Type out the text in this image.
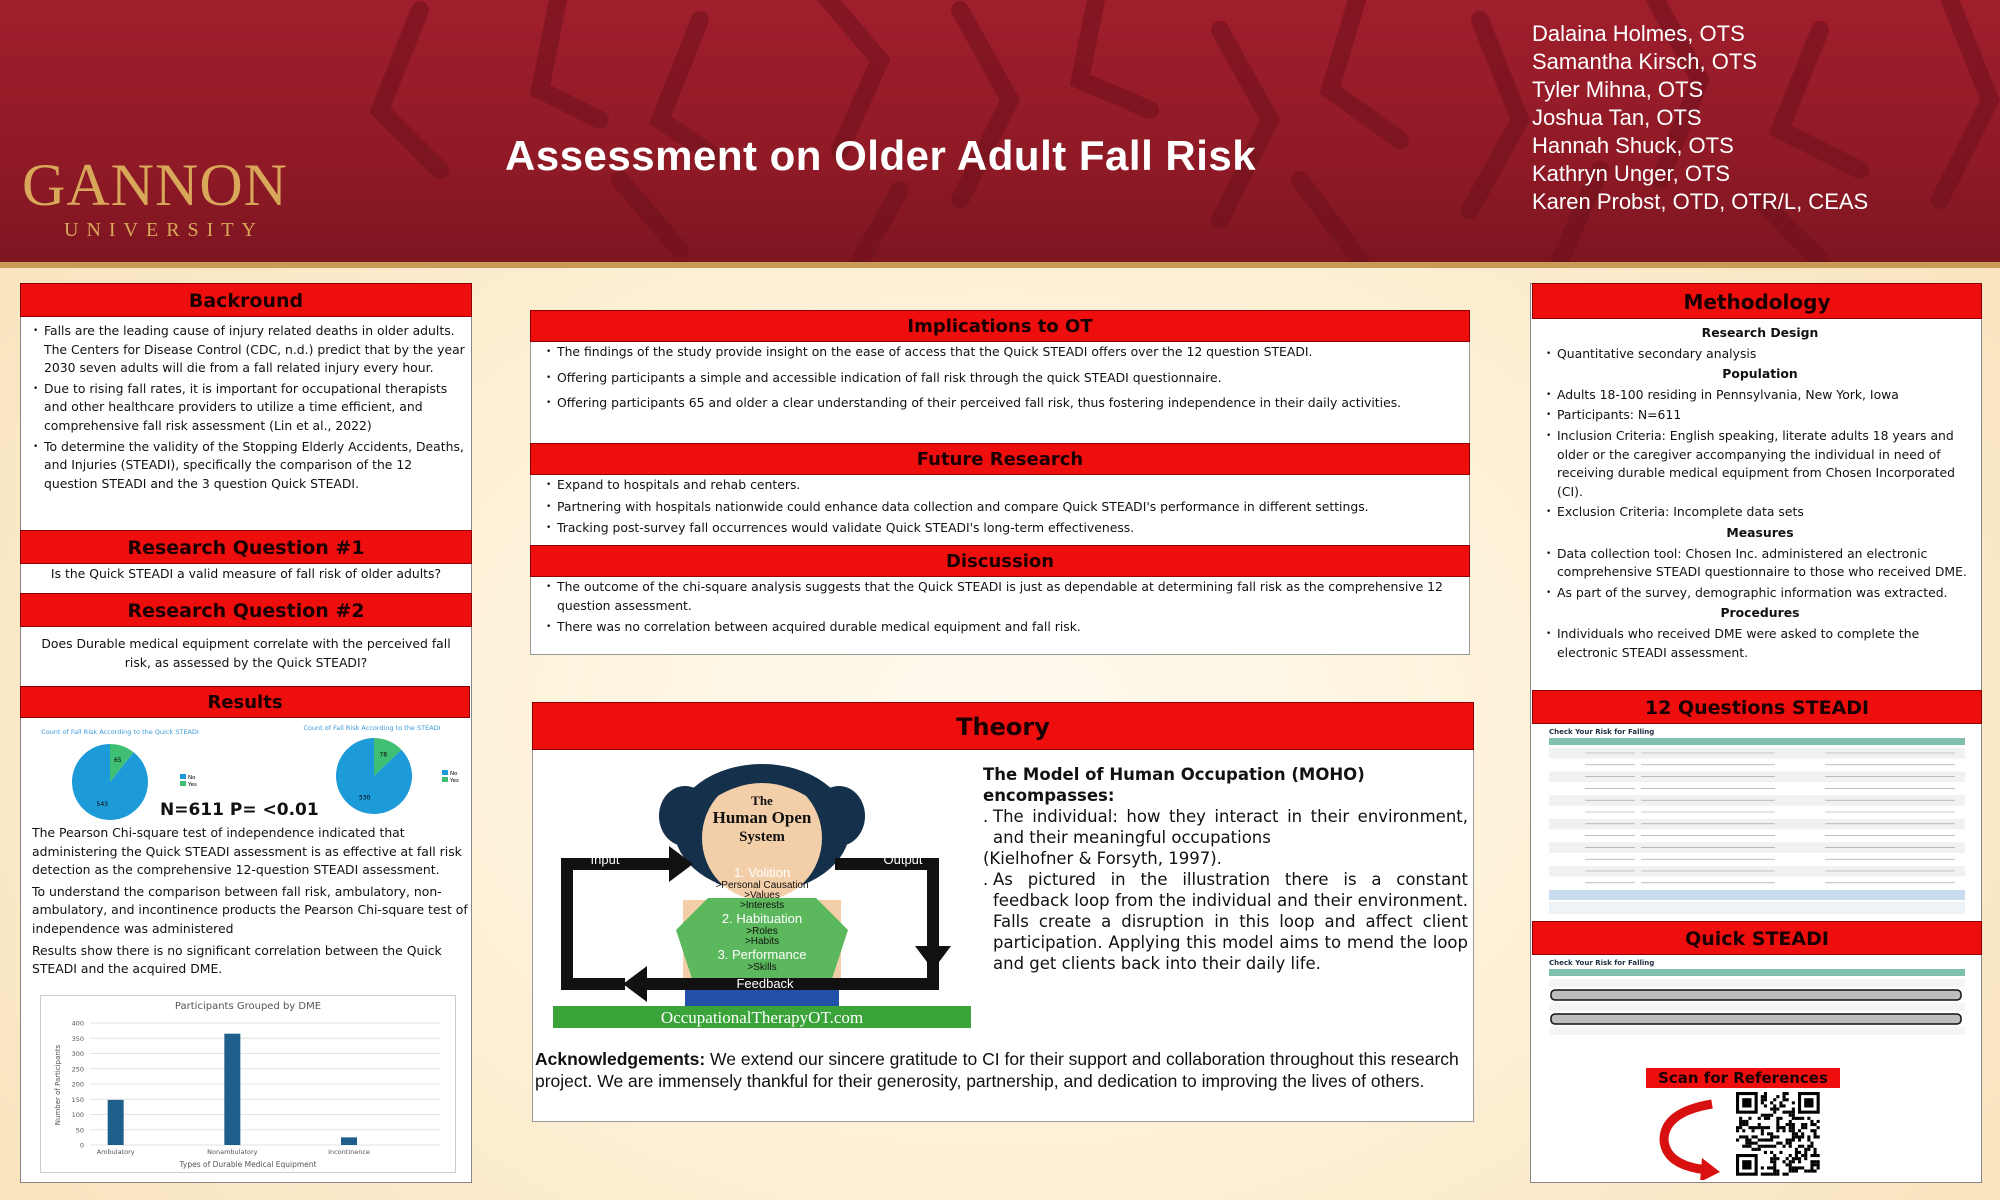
GANNON
UNIVERSITY
Assessment on Older Adult Fall Risk
Dalaina Holmes, OTS
Samantha Kirsch, OTS
Tyler Mihna, OTS
Joshua Tan, OTS
Hannah Shuck, OTS
Kathryn Unger, OTS
Karen Probst, OTD, OTR/L, CEAS
Backround
• Falls are the leading cause of injury related deaths in older adults. The Centers for Disease Control (CDC, n.d.) predict that by the year 2030 seven adults will die from a fall related injury every hour.
• Due to rising fall rates, it is important for occupational therapists and other healthcare providers to utilize a time efficient, and comprehensive fall risk assessment (Lin et al., 2022)
• To determine the validity of the Stopping Elderly Accidents, Deaths, and Injuries (STEADI), specifically the comparison of the 12 question STEADI and the 3 question Quick STEADI.
Research Question #1
Is the Quick STEADI a valid measure of fall risk of older adults?
Research Question #2
Does Durable medical equipment correlate with the perceived fall risk, as assessed by the Quick STEADI?
Results
Count of Fall Risk According to the Quick STEADI
65
543
No
Yes
Count of Fall Risk According to the STEADI
78
530
No
Yes
N=611 P= <0.01
The Pearson Chi-square test of independence indicated that administering the Quick STEADI assessment is as effective at fall risk detection as the comprehensive 12-question STEADI assessment.
To understand the comparison between fall risk, ambulatory, non-ambulatory, and incontinence products the Pearson Chi-square test of independence was administered
Results show there is no significant correlation between the Quick STEADI and the acquired DME.
Participants Grouped by DME
Number of Participants
Types of Durable Medical Equipment
0
50
100
150
200
250
300
350
400
Ambulatory	Nonambulatory	Incontinence
Implications to OT
• The findings of the study provide insight on the ease of access that the Quick STEADI offers over the 12 question STEADI.
• Offering participants a simple and accessible indication of fall risk through the quick STEADI questionnaire.
• Offering participants 65 and older a clear understanding of their perceived fall risk, thus fostering independence in their daily activities.
Future Research
• Expand to hospitals and rehab centers.
• Partnering with hospitals nationwide could enhance data collection and compare Quick STEADI's performance in different settings.
• Tracking post-survey fall occurrences would validate Quick STEADI's long-term effectiveness.
Discussion
• The outcome of the chi-square analysis suggests that the Quick STEADI is just as dependable at determining fall risk as the comprehensive 12 question assessment.
• There was no correlation between acquired durable medical equipment and fall risk.
Theory
The
Human Open
System
1. Volition
>Personal Causation
>Values
>Interests
2. Habituation
>Roles
>Habits
3. Performance
>Skills
Input	Output
Feedback
OccupationalTherapyOT.com
The Model of Human Occupation (MOHO) encompasses:
. The individual: how they interact in their environment, and their meaningful occupations
(Kielhofner & Forsyth, 1997).
. As pictured in the illustration there is a constant feedback loop from the individual and their environment. Falls create a disruption in this loop and affect client participation. Applying this model aims to mend the loop and get clients back into their daily life.
Acknowledgements: We extend our sincere gratitude to CI for their support and collaboration throughout this research project. We are immensely thankful for their generosity, partnership, and dedication to improving the lives of others.
Methodology
Research Design
• Quantitative secondary analysis
Population
• Adults 18-100 residing in Pennsylvania, New York, Iowa
• Participants: N=611
• Inclusion Criteria: English speaking, literate adults 18 years and older or the caregiver accompanying the individual in need of receiving durable medical equipment from Chosen Incorporated (CI).
• Exclusion Criteria: Incomplete data sets
Measures
• Data collection tool: Chosen Inc. administered an electronic comprehensive STEADI questionnaire to those who received DME.
• As part of the survey, demographic information was extracted.
Procedures
• Individuals who received DME were asked to complete the electronic STEADI assessment.
12 Questions STEADI
Check Your Risk for Falling
Quick STEADI
Check Your Risk for Falling
Scan for References
